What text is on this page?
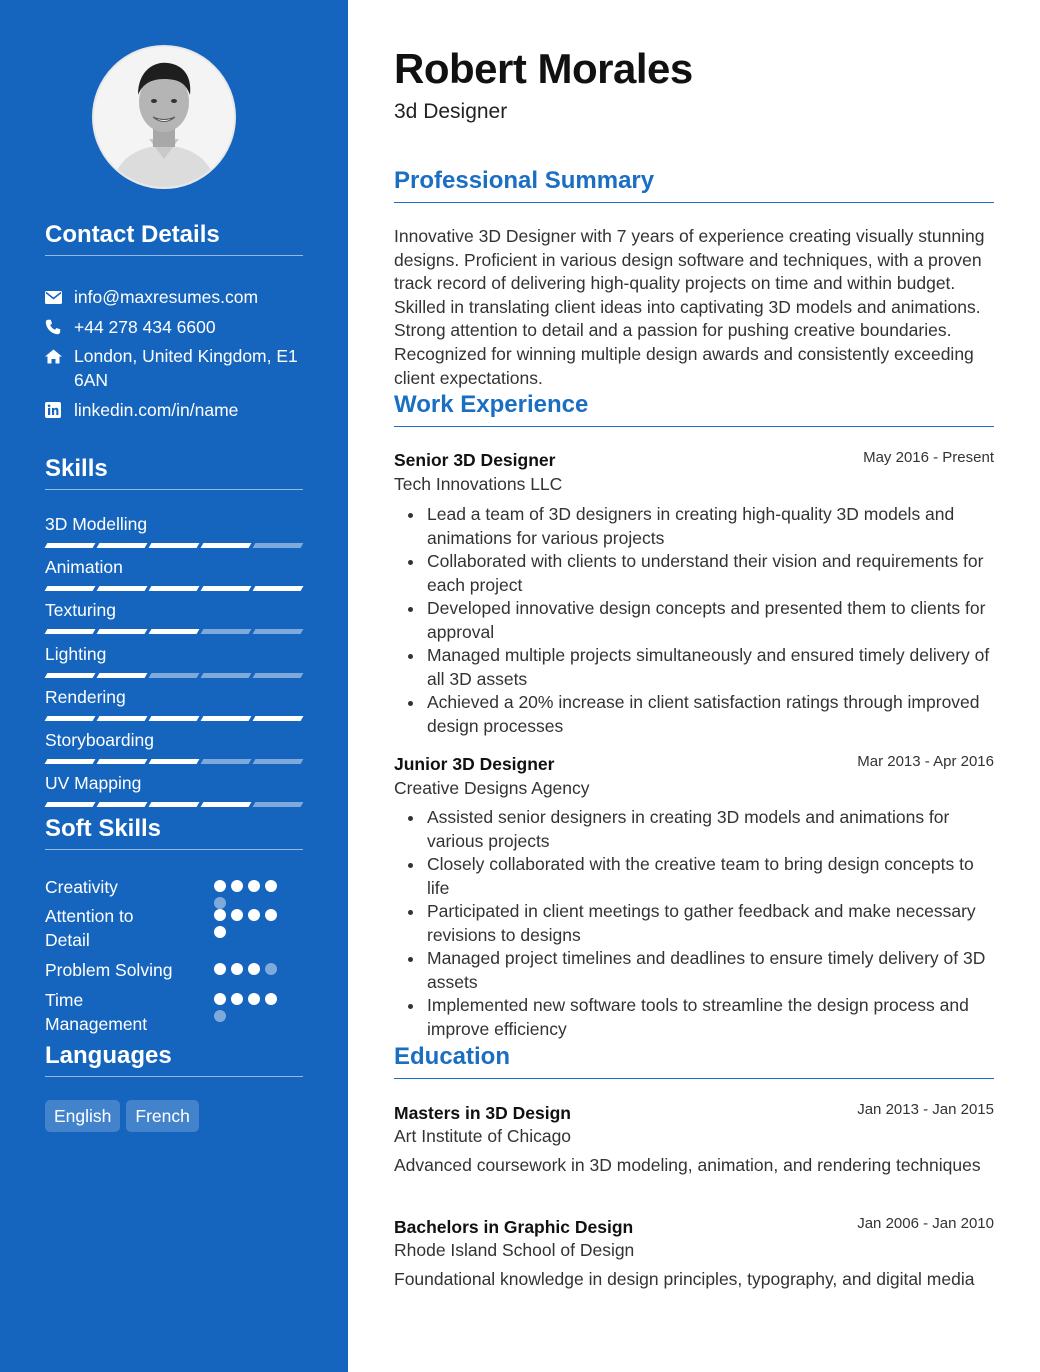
Contact Details
info@maxresumes.com
+44 278 434 6600
London, United Kingdom, E1 6AN
linkedin.com/in/name
Skills
3D Modelling
Animation
Texturing
Lighting
Rendering
Storyboarding
UV Mapping
Soft Skills
Creativity
Attention to Detail
Problem Solving
Time Management
Languages
English	French
Robert Morales
3d Designer
Professional Summary

Innovative 3D Designer with 7 years of experience creating visually stunning designs. Proficient in various design software and techniques, with a proven track record of delivering high-quality projects on time and within budget. Skilled in translating client ideas into captivating 3D models and animations. Strong attention to detail and a passion for pushing creative boundaries. Recognized for winning multiple design awards and consistently exceeding client expectations.

Work Experience
Senior 3D Designer	May 2016 - Present
Tech Innovations LLC
Lead a team of 3D designers in creating high-quality 3D models and animations for various projects
Collaborated with clients to understand their vision and requirements for each project
Developed innovative design concepts and presented them to clients for approval
Managed multiple projects simultaneously and ensured timely delivery of all 3D assets
Achieved a 20% increase in client satisfaction ratings through improved design processes
Junior 3D Designer	Mar 2013 - Apr 2016
Creative Designs Agency
Assisted senior designers in creating 3D models and animations for various projects
Closely collaborated with the creative team to bring design concepts to life
Participated in client meetings to gather feedback and make necessary revisions to designs
Managed project timelines and deadlines to ensure timely delivery of 3D assets
Implemented new software tools to streamline the design process and improve efficiency
Education
Masters in 3D Design	Jan 2013 - Jan 2015
Art Institute of Chicago

Advanced coursework in 3D modeling, animation, and rendering techniques

Bachelors in Graphic Design	Jan 2006 - Jan 2010
Rhode Island School of Design

Foundational knowledge in design principles, typography, and digital media
